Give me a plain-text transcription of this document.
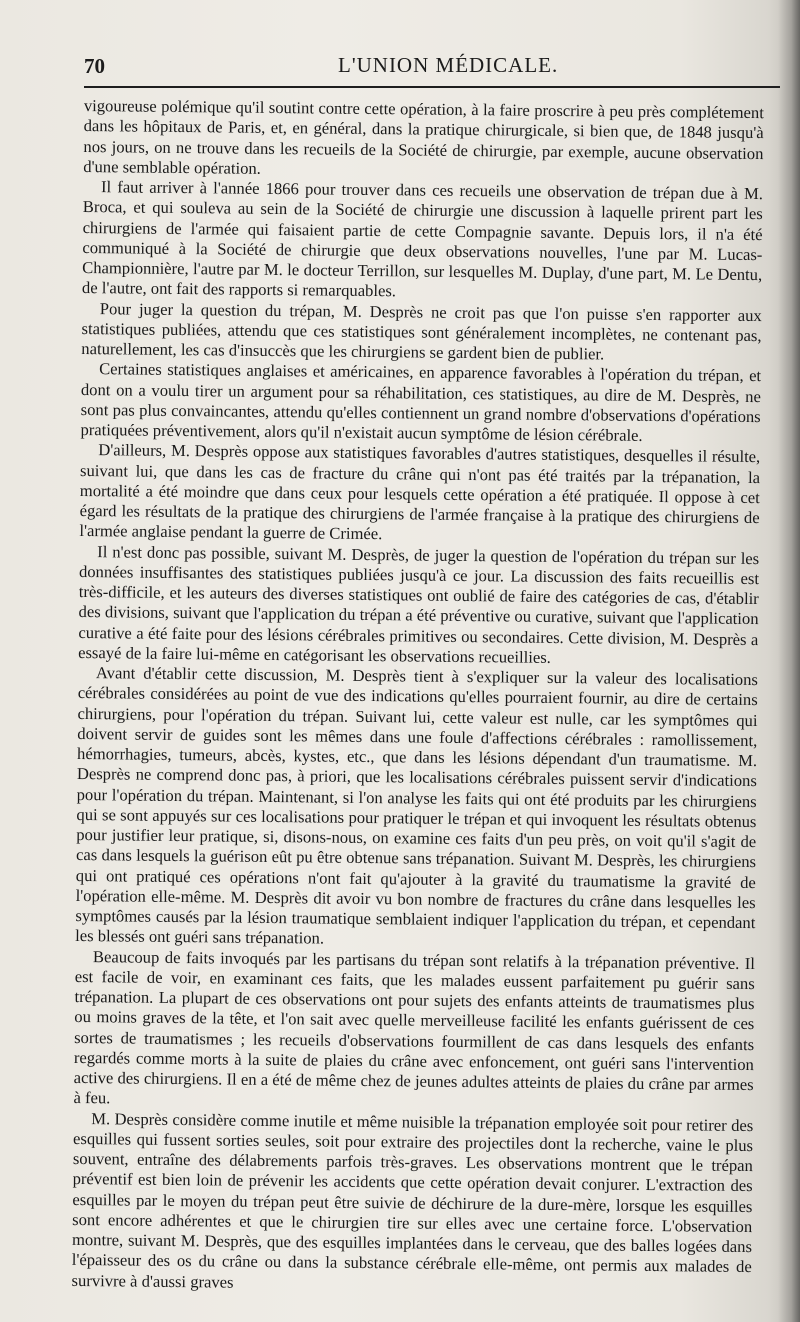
70	L'UNION MÉDICALE.

vigoureuse polémique qu'il soutint contre cette opération, à la faire proscrire à peu près complétement dans les hôpitaux de Paris, et, en général, dans la pratique chirurgicale, si bien que, de 1848 jusqu'à nos jours, on ne trouve dans les recueils de la Société de chirurgie, par exemple, aucune observation d'une semblable opération.

Il faut arriver à l'année 1866 pour trouver dans ces recueils une observation de trépan due à M. Broca, et qui souleva au sein de la Société de chirurgie une discussion à laquelle prirent part les chirurgiens de l'armée qui faisaient partie de cette Compagnie savante. Depuis lors, il n'a été communiqué à la Société de chirurgie que deux observations nouvelles, l'une par M. Lucas-Championnière, l'autre par M. le docteur Terrillon, sur lesquelles M. Duplay, d'une part, M. Le Dentu, de l'autre, ont fait des rapports si remarquables.

Pour juger la question du trépan, M. Desprès ne croit pas que l'on puisse s'en rapporter aux statistiques publiées, attendu que ces statistiques sont généralement incomplètes, ne contenant pas, naturellement, les cas d'insuccès que les chirurgiens se gardent bien de publier.

Certaines statistiques anglaises et américaines, en apparence favorables à l'opération du trépan, et dont on a voulu tirer un argument pour sa réhabilitation, ces statistiques, au dire de M. Desprès, ne sont pas plus convaincantes, attendu qu'elles contiennent un grand nombre d'observations d'opérations pratiquées préventivement, alors qu'il n'existait aucun symptôme de lésion cérébrale.

D'ailleurs, M. Desprès oppose aux statistiques favorables d'autres statistiques, desquelles il résulte, suivant lui, que dans les cas de fracture du crâne qui n'ont pas été traités par la trépanation, la mortalité a été moindre que dans ceux pour lesquels cette opération a été pratiquée. Il oppose à cet égard les résultats de la pratique des chirurgiens de l'armée française à la pratique des chirurgiens de l'armée anglaise pendant la guerre de Crimée.

Il n'est donc pas possible, suivant M. Desprès, de juger la question de l'opération du trépan sur les données insuffisantes des statistiques publiées jusqu'à ce jour. La discussion des faits recueillis est très-difficile, et les auteurs des diverses statistiques ont oublié de faire des catégories de cas, d'établir des divisions, suivant que l'application du trépan a été préventive ou curative, suivant que l'application curative a été faite pour des lésions cérébrales primitives ou secondaires. Cette division, M. Desprès a essayé de la faire lui-même en catégorisant les observations recueillies.

Avant d'établir cette discussion, M. Desprès tient à s'expliquer sur la valeur des localisations cérébrales considérées au point de vue des indications qu'elles pourraient fournir, au dire de certains chirurgiens, pour l'opération du trépan. Suivant lui, cette valeur est nulle, car les symptômes qui doivent servir de guides sont les mêmes dans une foule d'affections cérébrales : ramollissement, hémorrhagies, tumeurs, abcès, kystes, etc., que dans les lésions dépendant d'un traumatisme. M. Desprès ne comprend donc pas, à priori, que les localisations cérébrales puissent servir d'indications pour l'opération du trépan. Maintenant, si l'on analyse les faits qui ont été produits par les chirurgiens qui se sont appuyés sur ces localisations pour pratiquer le trépan et qui invoquent les résultats obtenus pour justifier leur pratique, si, disons-nous, on examine ces faits d'un peu près, on voit qu'il s'agit de cas dans lesquels la guérison eût pu être obtenue sans trépanation. Suivant M. Desprès, les chirurgiens qui ont pratiqué ces opérations n'ont fait qu'ajouter à la gravité du traumatisme la gravité de l'opération elle-même. M. Desprès dit avoir vu bon nombre de fractures du crâne dans lesquelles les symptômes causés par la lésion traumatique semblaient indiquer l'application du trépan, et cependant les blessés ont guéri sans trépanation.

Beaucoup de faits invoqués par les partisans du trépan sont relatifs à la trépanation préventive. Il est facile de voir, en examinant ces faits, que les malades eussent parfaitement pu guérir sans trépanation. La plupart de ces observations ont pour sujets des enfants atteints de traumatismes plus ou moins graves de la tête, et l'on sait avec quelle merveilleuse facilité les enfants guérissent de ces sortes de traumatismes ; les recueils d'observations fourmillent de cas dans lesquels des enfants regardés comme morts à la suite de plaies du crâne avec enfoncement, ont guéri sans l'intervention active des chirurgiens. Il en a été de même chez de jeunes adultes atteints de plaies du crâne par armes à feu.

M. Desprès considère comme inutile et même nuisible la trépanation employée soit pour retirer des esquilles qui fussent sorties seules, soit pour extraire des projectiles dont la recherche, vaine le plus souvent, entraîne des délabrements parfois très-graves. Les observations montrent que le trépan préventif est bien loin de prévenir les accidents que cette opération devait conjurer. L'extraction des esquilles par le moyen du trépan peut être suivie de déchirure de la dure-mère, lorsque les esquilles sont encore adhérentes et que le chirurgien tire sur elles avec une certaine force. L'observation montre, suivant M. Desprès, que des esquilles implantées dans le cerveau, que des balles logées dans l'épaisseur des os du crâne ou dans la substance cérébrale elle-même, ont permis aux malades de survivre à d'aussi graves
